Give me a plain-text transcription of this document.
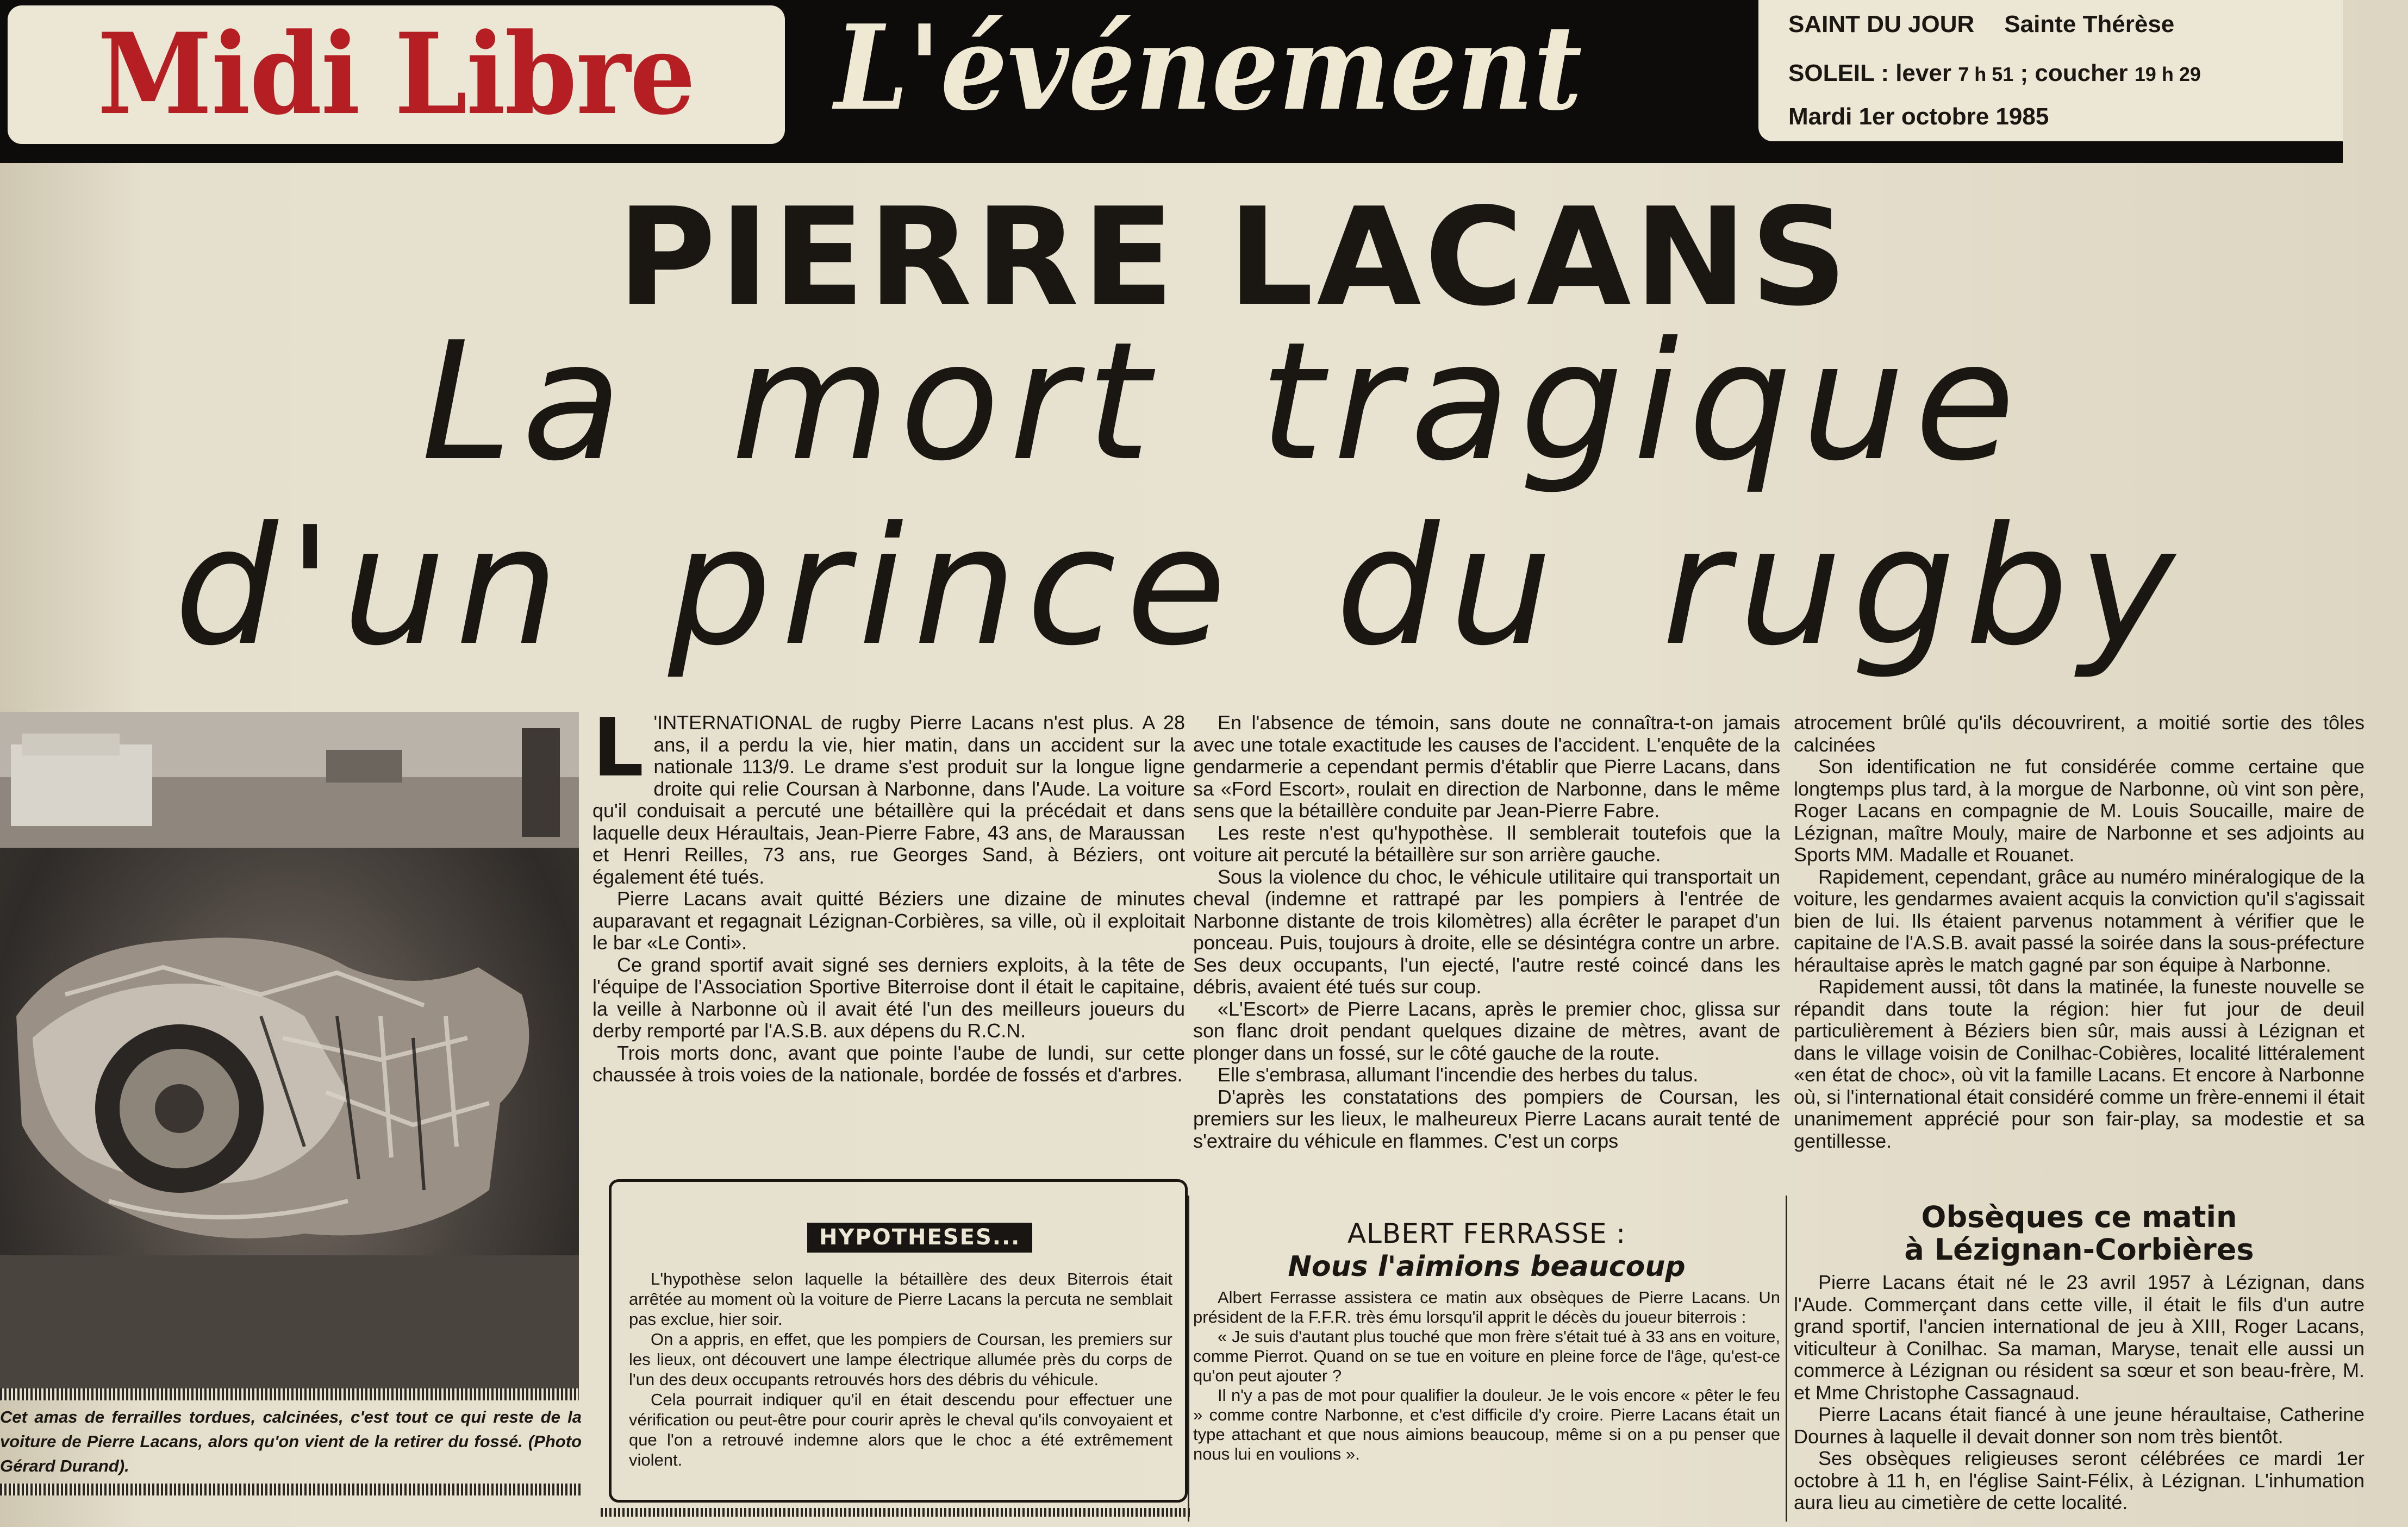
Midi Libre L'événement	SAINT DU JOUR Sainte Thérèse
SOLEIL : lever 7 h 51 ; coucher 19 h 29
Mardi 1er octobre 1985
PIERRE LACANS
La mort tragique
d'un prince du rugby
Cet amas de ferrailles tordues, calcinées, c'est tout ce qui reste de la voiture de Pierre Lacans, alors qu'on vient de la retirer du fossé. (Photo Gérard Durand).

L 'INTERNATIONAL de rugby Pierre Lacans n'est plus. A 28 ans, il a perdu la vie, hier matin, dans un accident sur la nationale 113/9. Le drame s'est produit sur la longue ligne droite qui relie Coursan à Narbonne, dans l'Aude. La voiture qu'il conduisait a percuté une bétaillère qui la précédait et dans laquelle deux Héraultais, Jean-Pierre Fabre, 43 ans, de Maraussan et Henri Reilles, 73 ans, rue Georges Sand, à Béziers, ont également été tués.

Pierre Lacans avait quitté Béziers une dizaine de minutes auparavant et regagnait Lézignan-Corbières, sa ville, où il exploitait le bar «Le Conti».

Ce grand sportif avait signé ses derniers exploits, à la tête de l'équipe de l'Association Sportive Biterroise dont il était le capitaine, la veille à Narbonne où il avait été l'un des meilleurs joueurs du derby remporté par l'A.S.B. aux dépens du R.C.N.

Trois morts donc, avant que pointe l'aube de lundi, sur cette chaussée à trois voies de la nationale, bordée de fossés et d'arbres.

En l'absence de témoin, sans doute ne connaîtra-t-on jamais avec une totale exactitude les causes de l'accident. L'enquête de la gendarmerie a cependant permis d'établir que Pierre Lacans, dans sa «Ford Escort», roulait en direction de Narbonne, dans le même sens que la bétaillère conduite par Jean-Pierre Fabre.

Les reste n'est qu'hypothèse. Il semblerait toutefois que la voiture ait percuté la bétaillère sur son arrière gauche.

Sous la violence du choc, le véhicule utilitaire qui transportait un cheval (indemne et rattrapé par les pompiers à l'entrée de Narbonne distante de trois kilomètres) alla écrêter le parapet d'un ponceau. Puis, toujours à droite, elle se désintégra contre un arbre. Ses deux occupants, l'un ejecté, l'autre resté coincé dans les débris, avaient été tués sur coup.

«L'Escort» de Pierre Lacans, après le premier choc, glissa sur son flanc droit pendant quelques dizaine de mètres, avant de plonger dans un fossé, sur le côté gauche de la route.

Elle s'embrasa, allumant l'incendie des herbes du talus.

D'après les constatations des pompiers de Coursan, les premiers sur les lieux, le malheureux Pierre Lacans aurait tenté de s'extraire du véhicule en flammes. C'est un corps

atrocement brûlé qu'ils découvrirent, a moitié sortie des tôles calcinées

Son identification ne fut considérée comme certaine que longtemps plus tard, à la morgue de Narbonne, où vint son père, Roger Lacans en compagnie de M. Louis Soucaille, maire de Lézignan, maître Mouly, maire de Narbonne et ses adjoints au Sports MM. Madalle et Rouanet.

Rapidement, cependant, grâce au numéro minéralogique de la voiture, les gendarmes avaient acquis la conviction qu'il s'agissait bien de lui. Ils étaient parvenus notamment à vérifier que le capitaine de l'A.S.B. avait passé la soirée dans la sous-préfecture héraultaise après le match gagné par son équipe à Narbonne.

Rapidement aussi, tôt dans la matinée, la funeste nouvelle se répandit dans toute la région: hier fut jour de deuil particulièrement à Béziers bien sûr, mais aussi à Lézignan et dans le village voisin de Conilhac-Cobières, localité littéralement «en état de choc», où vit la famille Lacans. Et encore à Narbonne où, si l'international était considéré comme un frère-ennemi il était unanimement apprécié pour son fair-play, sa modestie et sa gentillesse.

HYPOTHESES...

L'hypothèse selon laquelle la bétaillère des deux Biterrois était arrêtée au moment où la voiture de Pierre Lacans la percuta ne semblait pas exclue, hier soir.

On a appris, en effet, que les pompiers de Coursan, les premiers sur les lieux, ont découvert une lampe électrique allumée près du corps de l'un des deux occupants retrouvés hors des débris du véhicule.

Cela pourrait indiquer qu'il en était descendu pour effectuer une vérification ou peut-être pour courir après le cheval qu'ils convoyaient et que l'on a retrouvé indemne alors que le choc a été extrêmement violent.

ALBERT FERRASSE :
Nous l'aimions beaucoup

Albert Ferrasse assistera ce matin aux obsèques de Pierre Lacans. Un président de la F.F.R. très ému lorsqu'il apprit le décès du joueur biterrois :

« Je suis d'autant plus touché que mon frère s'était tué à 33 ans en voiture, comme Pierrot. Quand on se tue en voiture en pleine force de l'âge, qu'est-ce qu'on peut ajouter ?

Il n'y a pas de mot pour qualifier la douleur. Je le vois encore « pêter le feu » comme contre Narbonne, et c'est difficile d'y croire. Pierre Lacans était un type attachant et que nous aimions beaucoup, même si on a pu penser que nous lui en voulions ».

Obsèques ce matin
à Lézignan-Corbières

Pierre Lacans était né le 23 avril 1957 à Lézignan, dans l'Aude. Commerçant dans cette ville, il était le fils d'un autre grand sportif, l'ancien international de jeu à XIII, Roger Lacans, viticulteur à Conilhac. Sa maman, Maryse, tenait elle aussi un commerce à Lézignan ou résident sa sœur et son beau-frère, M. et Mme Christophe Cassagnaud.

Pierre Lacans était fiancé à une jeune héraultaise, Catherine Dournes à laquelle il devait donner son nom très bientôt.

Ses obsèques religieuses seront célébrées ce mardi 1er octobre à 11 h, en l'église Saint-Félix, à Lézignan. L'inhumation aura lieu au cimetière de cette localité.
